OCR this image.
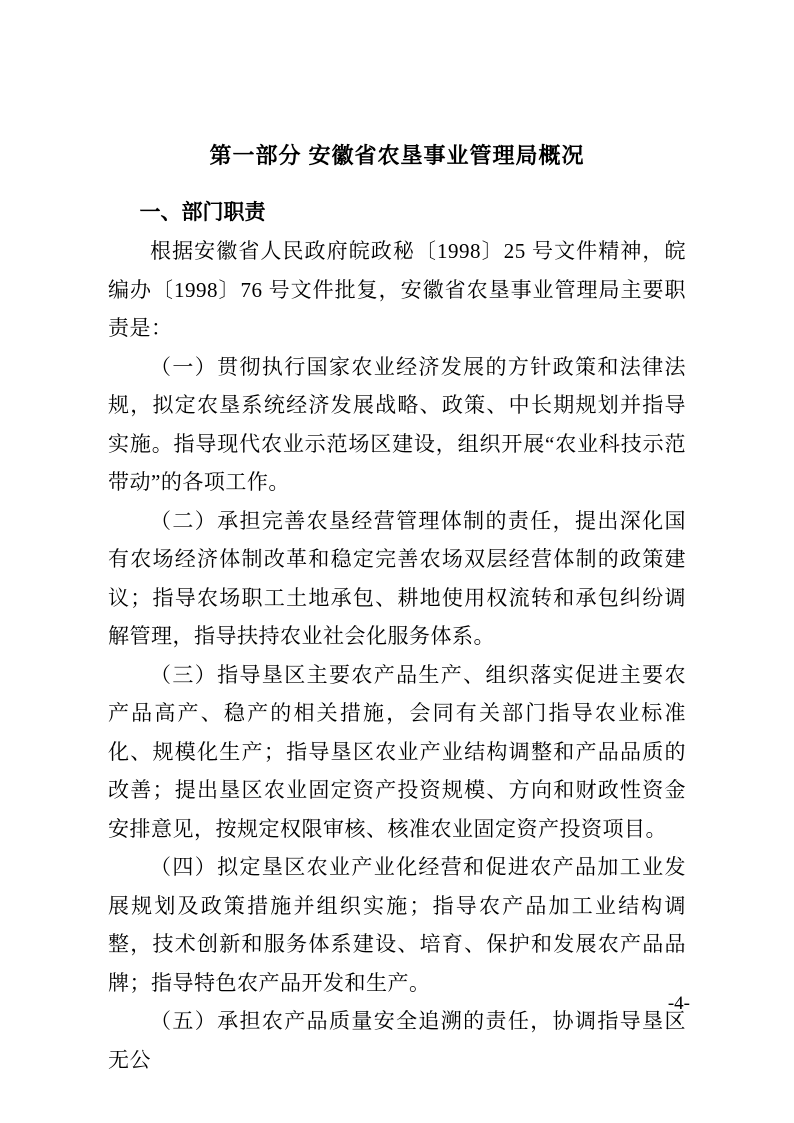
第一部分 安徽省农垦事业管理局概况
一、部门职责

根据安徽省人民政府皖政秘〔1998〕25 号文件精神，皖编办〔1998〕76 号文件批复，安徽省农垦事业管理局主要职责是：

（一）贯彻执行国家农业经济发展的方针政策和法律法规，拟定农垦系统经济发展战略、政策、中长期规划并指导实施。指导现代农业示范场区建设，组织开展“农业科技示范带动”的各项工作。

（二）承担完善农垦经营管理体制的责任，提出深化国有农场经济体制改革和稳定完善农场双层经营体制的政策建议；指导农场职工土地承包、耕地使用权流转和承包纠纷调解管理，指导扶持农业社会化服务体系。

（三）指导垦区主要农产品生产、组织落实促进主要农产品高产、稳产的相关措施，会同有关部门指导农业标准化、规模化生产；指导垦区农业产业结构调整和产品品质的改善；提出垦区农业固定资产投资规模、方向和财政性资金安排意见，按规定权限审核、核准农业固定资产投资项目。

（四）拟定垦区农业产业化经营和促进农产品加工业发展规划及政策措施并组织实施；指导农产品加工业结构调整，技术创新和服务体系建设、培育、保护和发展农产品品牌；指导特色农产品开发和生产。

（五）承担农产品质量安全追溯的责任，协调指导垦区无公

-4-
